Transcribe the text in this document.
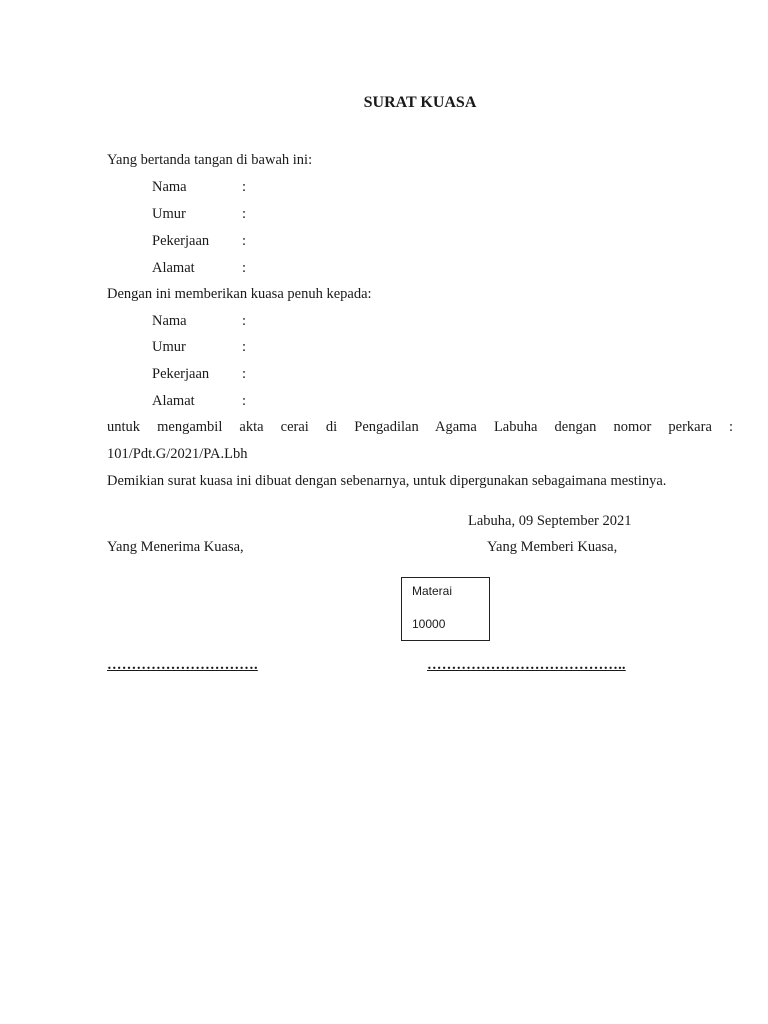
SURAT KUASA
Yang bertanda tangan di bawah ini:
Nama	:
Umur	:
Pekerjaan :
Alamat	:
Dengan ini memberikan kuasa penuh kepada:
Nama	:
Umur	:
Pekerjaan :
Alamat	:
untuk mengambil akta cerai di Pengadilan Agama Labuha dengan nomor perkara :
101/Pdt.G/2021/PA.Lbh
Demikian surat kuasa ini dibuat dengan sebenarnya, untuk dipergunakan sebagaimana mestinya.
Labuha, 09 September 2021
Yang Menerima Kuasa,	Yang Memberi Kuasa,
Materai
10000
………………………….	…………………………………..
